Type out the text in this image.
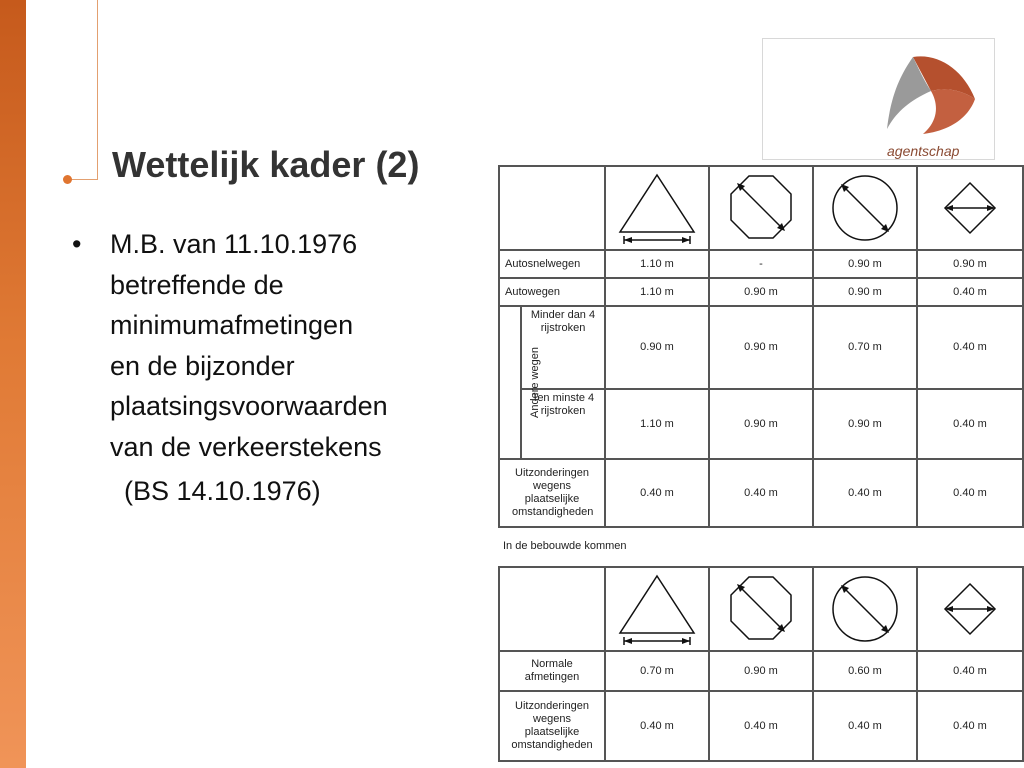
Wettelijk kader (2)
• M.B. van 11.10.1976
betreffende de
minimumafmetingen
en de bijzonder
plaatsingsvoorwaarden
van de verkeerstekens
(BS 14.10.1976)
agentschap

Autosnelwegen		1.10 m	-	0.90 m	0.90 m
Autowegen		1.10 m	0.90 m	0.90 m	0.40 m
Andere wegen	Minder dan 4 rijstroken	0.90 m	0.90 m	0.70 m	0.40 m
	Ten minste 4 rijstroken	1.10 m	0.90 m	0.90 m	0.40 m
Uitzonderingen wegens plaatselijke omstandigheden		0.40 m	0.40 m	0.40 m	0.40 m
In de bebouwde kommen

Normale afmetingen	0.70 m	0.90 m	0.60 m	0.40 m
Uitzonderingen wegens plaatselijke omstandigheden	0.40 m	0.40 m	0.40 m	0.40 m
